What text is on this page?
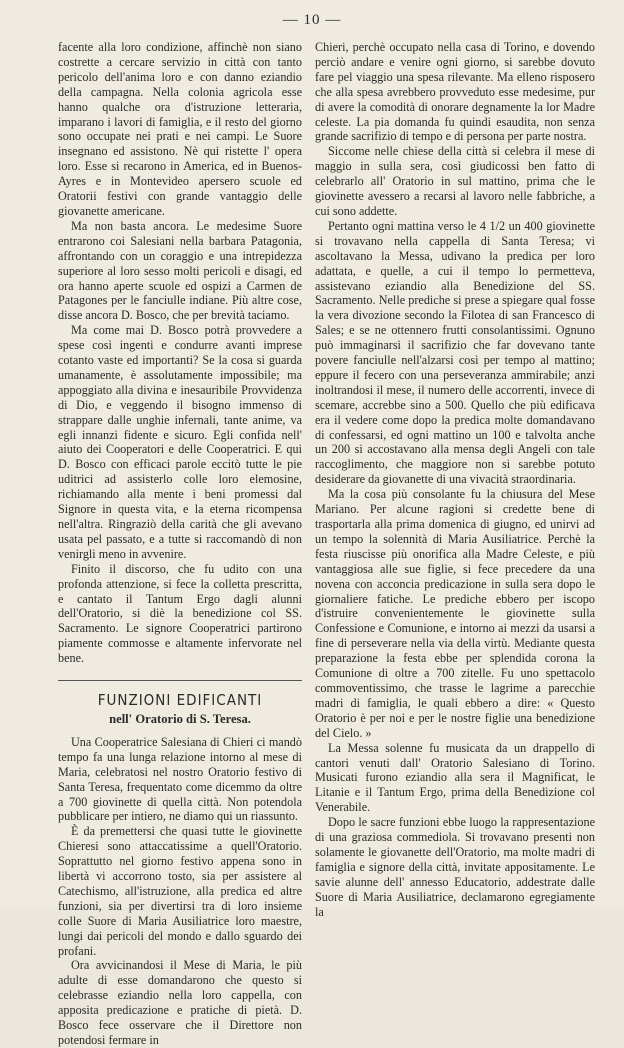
— 10 —

facente alla loro condizione, affinchè non siano costrette a cercare servizio in città con tanto pericolo dell'anima loro e con danno eziandio della campagna. Nella colonia agricola esse hanno qualche ora d'istruzione letteraria, imparano i lavori di famiglia, e il resto del giorno sono occupate nei prati e nei campi. Le Suore insegnano ed assistono. Nè qui ristette l' opera loro. Esse si recarono in America, ed in Buenos-Ayres e in Montevideo apersero scuole ed Oratorii festivi con grande vantaggio delle giovanette americane.

Ma non basta ancora. Le medesime Suore entrarono coi Salesiani nella barbara Patagonia, affrontando con un coraggio e una intrepidezza superiore al loro sesso molti pericoli e disagi, ed ora hanno aperte scuole ed ospizi a Carmen de Patagones per le fanciulle indiane. Più altre cose, disse ancora D. Bosco, che per brevità taciamo.

Ma come mai D. Bosco potrà provvedere a spese così ingenti e condurre avanti imprese cotanto vaste ed importanti? Se la cosa si guarda umanamente, è assolutamente impossibile; ma appoggiato alla divina e inesauribile Provvidenza di Dio, e veggendo il bisogno immenso di strappare dalle unghie infernali, tante anime, va egli innanzi fidente e sicuro. Egli confida nell' aiuto dei Cooperatori e delle Cooperatrici. E qui D. Bosco con efficaci parole eccitò tutte le pie uditrici ad assisterlo colle loro elemosine, richiamando alla mente i beni promessi dal Signore in questa vita, e la eterna ricompensa nell'altra. Ringraziò della carità che gli avevano usata pel passato, e a tutte si raccomandò di non venirgli meno in avvenire.

Finito il discorso, che fu udito con una profonda attenzione, si fece la colletta prescritta, e cantato il Tantum Ergo dagli alunni dell'Oratorio, si diè la benedizione col SS. Sacramento. Le signore Cooperatrici partirono piamente commosse e altamente infervorate nel bene.

FUNZIONI EDIFICANTI
nell' Oratorio di S. Teresa.

Una Cooperatrice Salesiana di Chieri ci mandò tempo fa una lunga relazione intorno al mese di Maria, celebratosi nel nostro Oratorio festivo di Santa Teresa, frequentato come dicemmo da oltre a 700 giovinette di quella città. Non potendola pubblicare per intiero, ne diamo qui un riassunto.

È da premettersi che quasi tutte le giovinette Chieresi sono attaccatissime a quell'Oratorio. Soprattutto nel giorno festivo appena sono in libertà vi accorrono tosto, sia per assistere al Catechismo, all'istruzione, alla predica ed altre funzioni, sia per divertirsi tra di loro insieme colle Suore di Maria Ausiliatrice loro maestre, lungi dai pericoli del mondo e dallo sguardo dei profani.

Ora avvicinandosi il Mese di Maria, le più adulte di esse domandarono che questo si celebrasse eziandio nella loro cappella, con apposita predicazione e pratiche di pietà. D. Bosco fece osservare che il Direttore non potendosi fermare in

Chieri, perchè occupato nella casa di Torino, e dovendo perciò andare e venire ogni giorno, si sarebbe dovuto fare pel viaggio una spesa rilevante. Ma elleno risposero che alla spesa avrebbero provveduto esse medesime, pur di avere la comodità di onorare degnamente la lor Madre celeste. La pia domanda fu quindi esaudita, non senza grande sacrifizio di tempo e di persona per parte nostra.

Siccome nelle chiese della città si celebra il mese di maggio in sulla sera, così giudicossi ben fatto di celebrarlo all' Oratorio in sul mattino, prima che le giovinette avessero a recarsi al lavoro nelle fabbriche, a cui sono addette.

Pertanto ogni mattina verso le 4 1/2 un 400 giovinette si trovavano nella cappella di Santa Teresa; vi ascoltavano la Messa, udivano la predica per loro adattata, e quelle, a cui il tempo lo permetteva, assistevano eziandio alla Benedizione del SS. Sacramento. Nelle prediche si prese a spiegare qual fosse la vera divozione secondo la Filotea di san Francesco di Sales; e se ne ottennero frutti consolantissimi. Ognuno può immaginarsi il sacrifizio che far dovevano tante povere fanciulle nell'alzarsi così per tempo al mattino; eppure il fecero con una perseveranza ammirabile; anzi inoltrandosi il mese, il numero delle accorrenti, invece di scemare, accrebbe sino a 500. Quello che più edificava era il vedere come dopo la predica molte domandavano di confessarsi, ed ogni mattino un 100 e talvolta anche un 200 si accostavano alla mensa degli Angeli con tale raccoglimento, che maggiore non si sarebbe potuto desiderare da giovanette di una vivacità straordinaria.

Ma la cosa più consolante fu la chiusura del Mese Mariano. Per alcune ragioni si credette bene di trasportarla alla prima domenica di giugno, ed unirvi ad un tempo la solennità di Maria Ausiliatrice. Perchè la festa riuscisse più onorifica alla Madre Celeste, e più vantaggiosa alle sue figlie, si fece precedere da una novena con acconcia predicazione in sulla sera dopo le giornaliere fatiche. Le prediche ebbero per iscopo d'istruire convenientemente le giovinette sulla Confessione e Comunione, e intorno ai mezzi da usarsi a fine di perseverare nella via della virtù. Mediante questa preparazione la festa ebbe per splendida corona la Comunione di oltre a 700 zitelle. Fu uno spettacolo commoventissimo, che trasse le lagrime a parecchie madri di famiglia, le quali ebbero a dire: « Questo Oratorio è per noi e per le nostre figlie una benedizione del Cielo. »

La Messa solenne fu musicata da un drappello di cantori venuti dall' Oratorio Salesiano di Torino. Musicati furono eziandio alla sera il Magnificat, le Litanie e il Tantum Ergo, prima della Benedizione col Venerabile.

Dopo le sacre funzioni ebbe luogo la rappresentazione di una graziosa commediola. Si trovavano presenti non solamente le giovanette dell'Oratorio, ma molte madri di famiglia e signore della città, invitate appositamente. Le savie alunne dell' annesso Educatorio, addestrate dalle Suore di Maria Ausiliatrice, declamarono egregiamente la
